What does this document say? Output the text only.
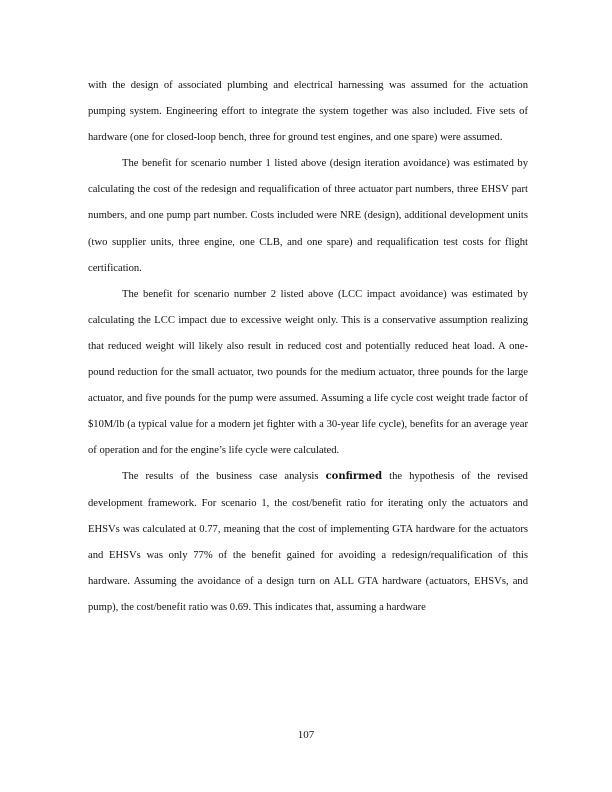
with the design of associated plumbing and electrical harnessing was assumed for the actuation pumping system. Engineering effort to integrate the system together was also included. Five sets of hardware (one for closed-loop bench, three for ground test engines, and one spare) were assumed.

The benefit for scenario number 1 listed above (design iteration avoidance) was estimated by calculating the cost of the redesign and requalification of three actuator part numbers, three EHSV part numbers, and one pump part number. Costs included were NRE (design), additional development units (two supplier units, three engine, one CLB, and one spare) and requalification test costs for flight certification.

The benefit for scenario number 2 listed above (LCC impact avoidance) was estimated by calculating the LCC impact due to excessive weight only. This is a conservative assumption realizing that reduced weight will likely also result in reduced cost and potentially reduced heat load. A one-pound reduction for the small actuator, two pounds for the medium actuator, three pounds for the large actuator, and five pounds for the pump were assumed. Assuming a life cycle cost weight trade factor of $10M/lb (a typical value for a modern jet fighter with a 30-year life cycle), benefits for an average year of operation and for the engine’s life cycle were calculated.

The results of the business case analysis confirmed the hypothesis of the revised development framework. For scenario 1, the cost/benefit ratio for iterating only the actuators and EHSVs was calculated at 0.77, meaning that the cost of implementing GTA hardware for the actuators and EHSVs was only 77% of the benefit gained for avoiding a redesign/requalification of this hardware. Assuming the avoidance of a design turn on ALL GTA hardware (actuators, EHSVs, and pump), the cost/benefit ratio was 0.69. This indicates that, assuming a hardware

107
